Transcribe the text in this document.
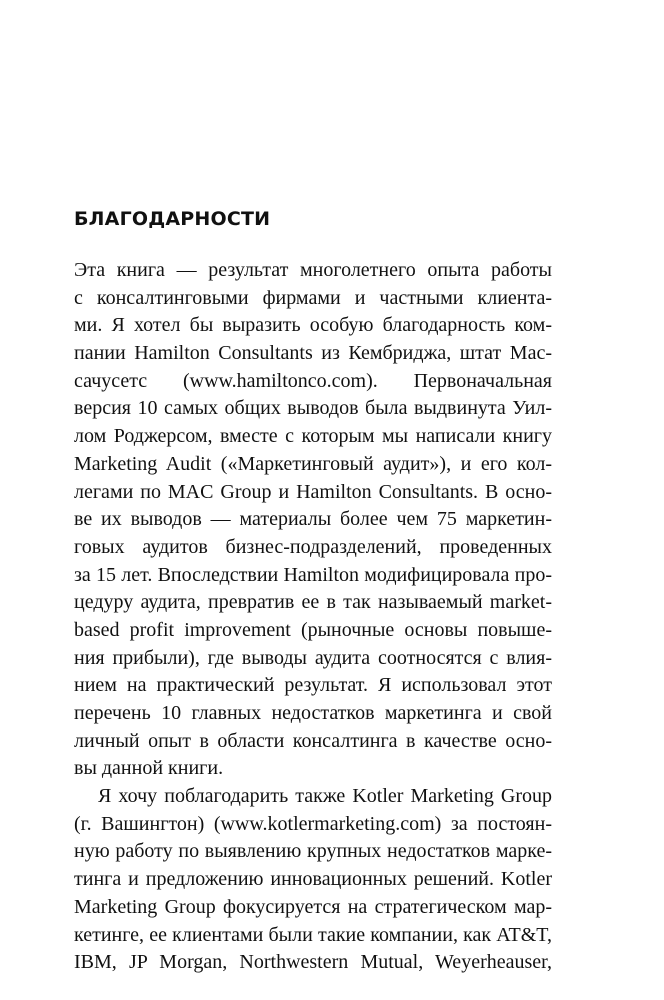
БЛАГОДАРНОСТИ
Эта книга — результат многолетнего опыта работы
с консалтинговыми фирмами и частными клиента-
ми. Я хотел бы выразить особую благодарность ком-
пании Hamilton Consultants из Кембриджа, штат Мас-
сачусетс (www.hamiltonco.com). Первоначальная
версия 10 самых общих выводов была выдвинута Уил-
лом Роджерсом, вместе с которым мы написали книгу
Marketing Audit («Маркетинговый аудит»), и его кол-
легами по MAC Group и Hamilton Consultants. В осно-
ве их выводов — материалы более чем 75 маркетин-
говых аудитов бизнес-подразделений, проведенных
за 15 лет. Впоследствии Hamilton модифицировала про-
цедуру аудита, превратив ее в так называемый market-
based profit improvement (рыночные основы повыше-
ния прибыли), где выводы аудита соотносятся с влия-
нием на практический результат. Я использовал этот
перечень 10 главных недостатков маркетинга и свой
личный опыт в области консалтинга в качестве осно-
вы данной книги.
Я хочу поблагодарить также Kotler Marketing Group
(г. Вашингтон) (www.kotlermarketing.com) за постоян-
ную работу по выявлению крупных недостатков марке-
тинга и предложению инновационных решений. Kotler
Marketing Group фокусируется на стратегическом мар-
кетинге, ее клиентами были такие компании, как AT&T,
IBM, JP Morgan, Northwestern Mutual, Weyerheauser,
